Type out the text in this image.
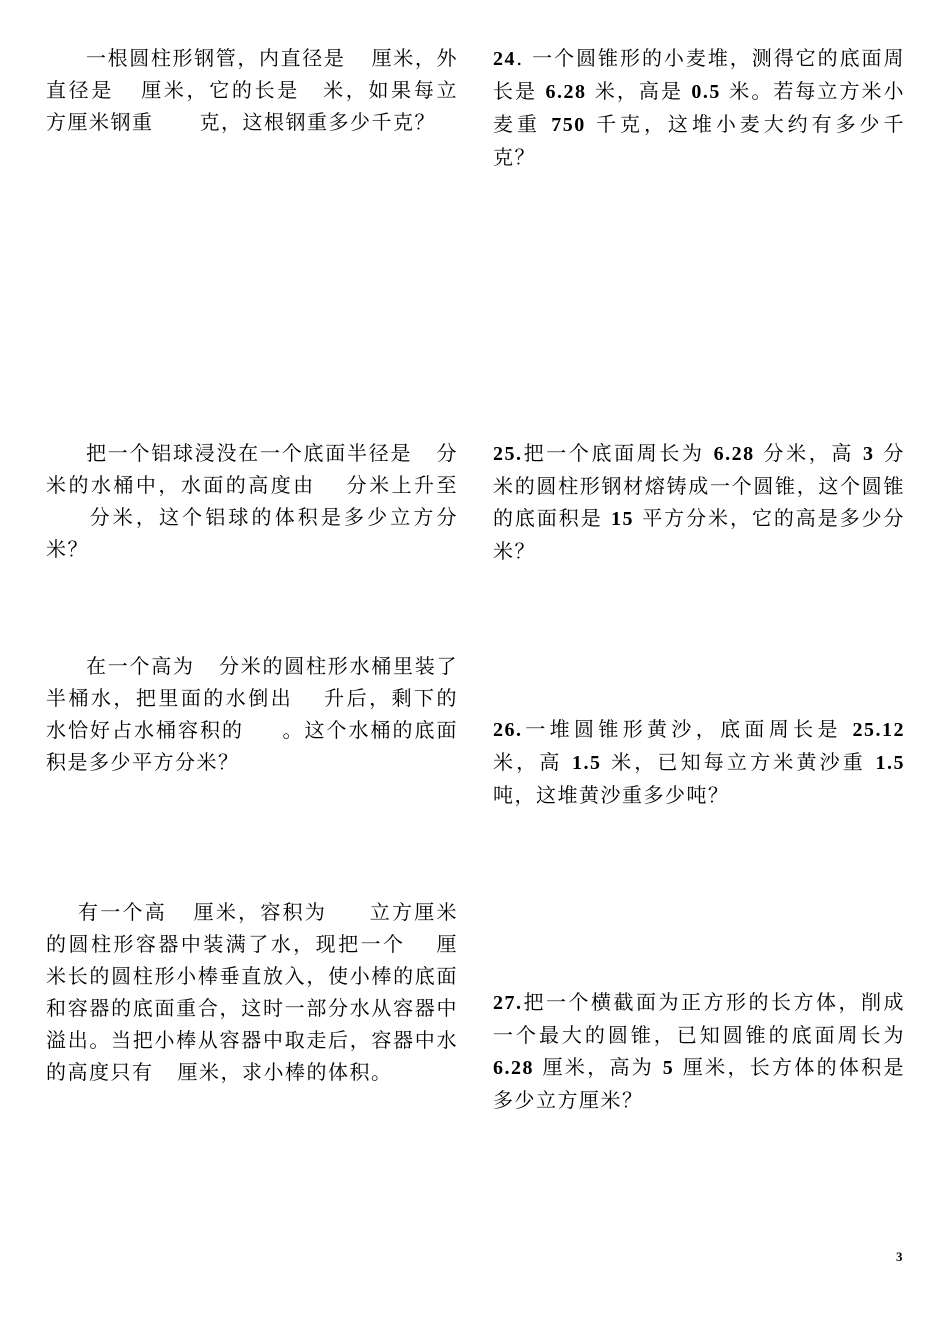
一根圆柱形钢管，内直径是 厘米，外直径是 厘米，它的长是 米，如果每立方厘米钢重 克，这根钢重多少千克？
把一个铝球浸没在一个底面半径是 分米的水桶中，水面的高度由 分米上升至分米，这个铝球的体积是多少立方分米？
在一个高为 分米的圆柱形水桶里装了半桶水，把里面的水倒出 升后，剩下的水恰好占水桶容积的 。这个水桶的底面积是多少平方分米？
有一个高 厘米，容积为 立方厘米的圆柱形容器中装满了水，现把一个 厘米长的圆柱形小棒垂直放入，使小棒的底面和容器的底面重合，这时一部分水从容器中溢出。当把小棒从容器中取走后，容器中水的高度只有 厘米，求小棒的体积。
24. 一个圆锥形的小麦堆，测得它的底面周长是 6.28 米，高是 0.5 米。若每立方米小麦重 750 千克，这堆小麦大约有多少千克？
25.把一个底面周长为 6.28 分米，高 3 分米的圆柱形钢材熔铸成一个圆锥，这个圆锥的底面积是 15 平方分米，它的高是多少分米？
26.一堆圆锥形黄沙，底面周长是 25.12 米，高 1.5 米，已知每立方米黄沙重 1.5 吨，这堆黄沙重多少吨？
27.把一个横截面为正方形的长方体，削成一个最大的圆锥，已知圆锥的底面周长为 6.28 厘米，高为 5 厘米，长方体的体积是多少立方厘米？
3
